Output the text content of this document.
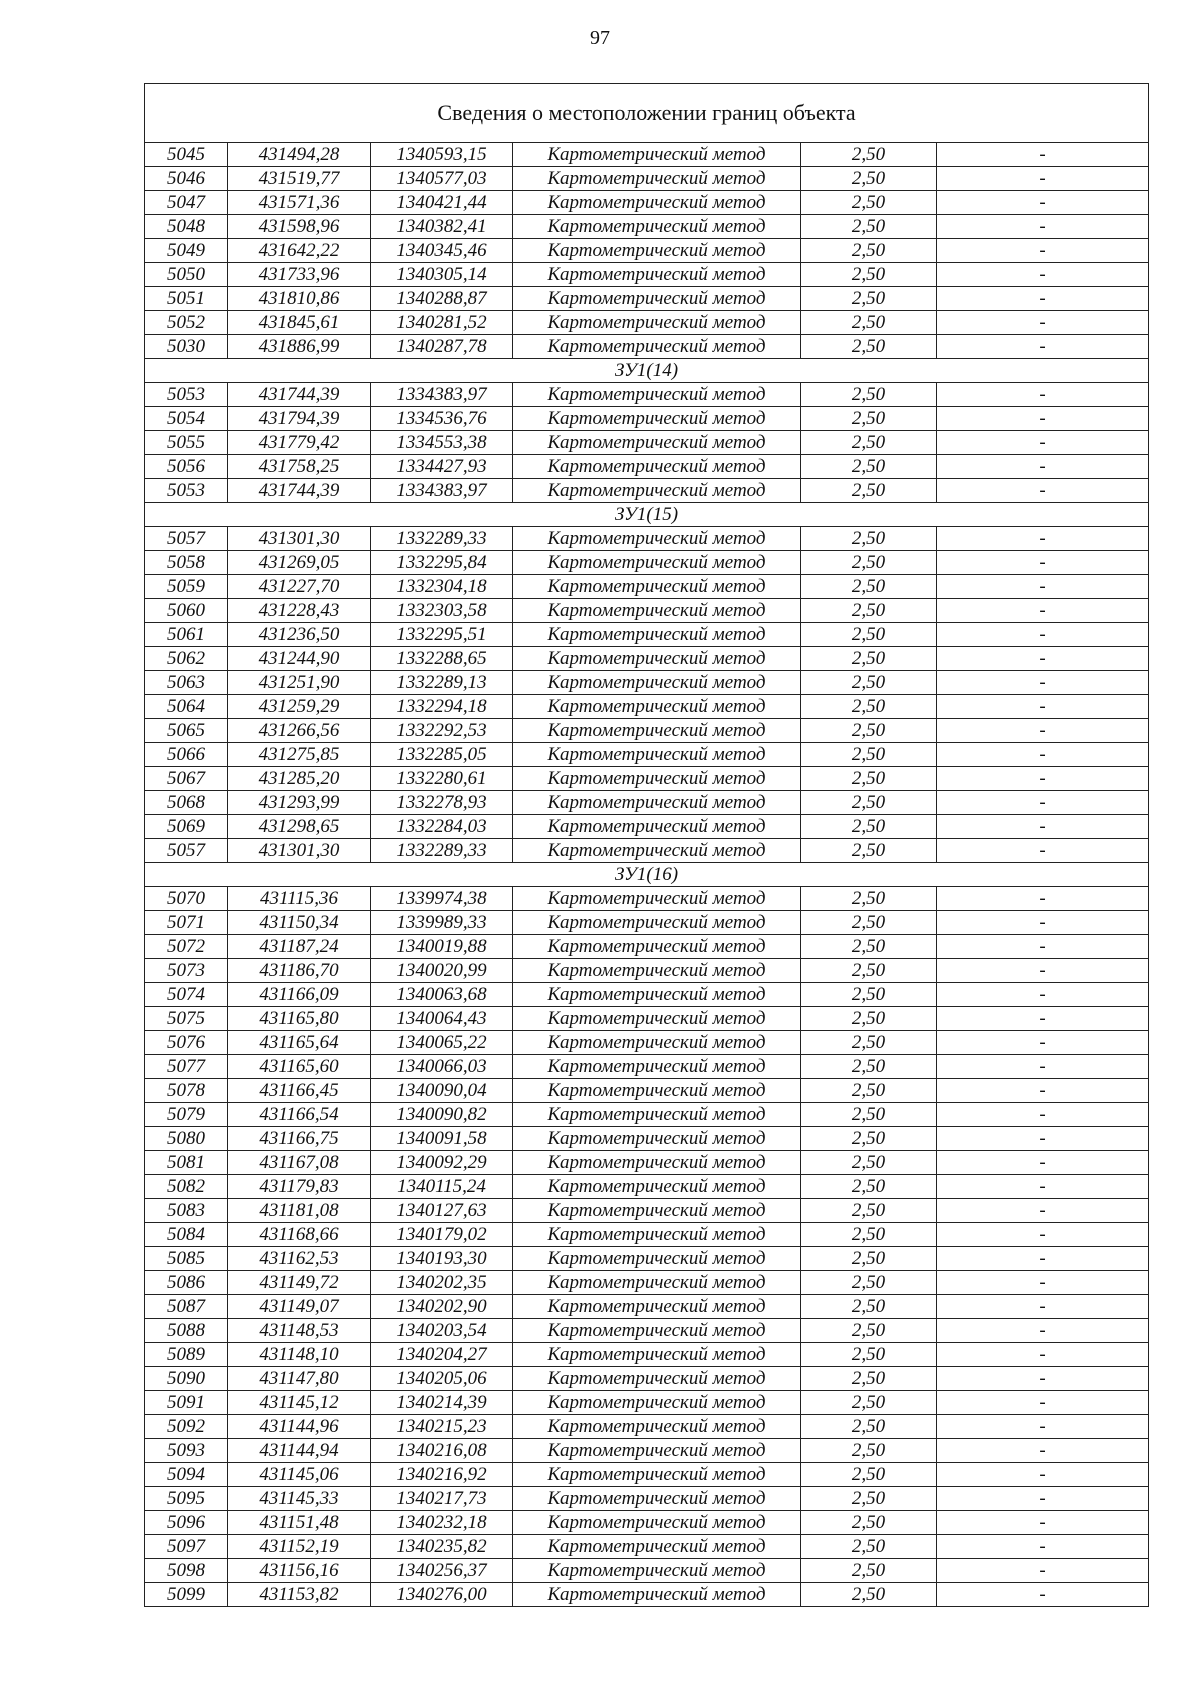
97
Сведения о местоположении границ объекта					
5045	431494,28	1340593,15	Картометрический метод	2,50	-
5046	431519,77	1340577,03	Картометрический метод	2,50	-
5047	431571,36	1340421,44	Картометрический метод	2,50	-
5048	431598,96	1340382,41	Картометрический метод	2,50	-
5049	431642,22	1340345,46	Картометрический метод	2,50	-
5050	431733,96	1340305,14	Картометрический метод	2,50	-
5051	431810,86	1340288,87	Картометрический метод	2,50	-
5052	431845,61	1340281,52	Картометрический метод	2,50	-
5030	431886,99	1340287,78	Картометрический метод	2,50	-
ЗУ1(14)					
5053	431744,39	1334383,97	Картометрический метод	2,50	-
5054	431794,39	1334536,76	Картометрический метод	2,50	-
5055	431779,42	1334553,38	Картометрический метод	2,50	-
5056	431758,25	1334427,93	Картометрический метод	2,50	-
5053	431744,39	1334383,97	Картометрический метод	2,50	-
ЗУ1(15)					
5057	431301,30	1332289,33	Картометрический метод	2,50	-
5058	431269,05	1332295,84	Картометрический метод	2,50	-
5059	431227,70	1332304,18	Картометрический метод	2,50	-
5060	431228,43	1332303,58	Картометрический метод	2,50	-
5061	431236,50	1332295,51	Картометрический метод	2,50	-
5062	431244,90	1332288,65	Картометрический метод	2,50	-
5063	431251,90	1332289,13	Картометрический метод	2,50	-
5064	431259,29	1332294,18	Картометрический метод	2,50	-
5065	431266,56	1332292,53	Картометрический метод	2,50	-
5066	431275,85	1332285,05	Картометрический метод	2,50	-
5067	431285,20	1332280,61	Картометрический метод	2,50	-
5068	431293,99	1332278,93	Картометрический метод	2,50	-
5069	431298,65	1332284,03	Картометрический метод	2,50	-
5057	431301,30	1332289,33	Картометрический метод	2,50	-
ЗУ1(16)					
5070	431115,36	1339974,38	Картометрический метод	2,50	-
5071	431150,34	1339989,33	Картометрический метод	2,50	-
5072	431187,24	1340019,88	Картометрический метод	2,50	-
5073	431186,70	1340020,99	Картометрический метод	2,50	-
5074	431166,09	1340063,68	Картометрический метод	2,50	-
5075	431165,80	1340064,43	Картометрический метод	2,50	-
5076	431165,64	1340065,22	Картометрический метод	2,50	-
5077	431165,60	1340066,03	Картометрический метод	2,50	-
5078	431166,45	1340090,04	Картометрический метод	2,50	-
5079	431166,54	1340090,82	Картометрический метод	2,50	-
5080	431166,75	1340091,58	Картометрический метод	2,50	-
5081	431167,08	1340092,29	Картометрический метод	2,50	-
5082	431179,83	1340115,24	Картометрический метод	2,50	-
5083	431181,08	1340127,63	Картометрический метод	2,50	-
5084	431168,66	1340179,02	Картометрический метод	2,50	-
5085	431162,53	1340193,30	Картометрический метод	2,50	-
5086	431149,72	1340202,35	Картометрический метод	2,50	-
5087	431149,07	1340202,90	Картометрический метод	2,50	-
5088	431148,53	1340203,54	Картометрический метод	2,50	-
5089	431148,10	1340204,27	Картометрический метод	2,50	-
5090	431147,80	1340205,06	Картометрический метод	2,50	-
5091	431145,12	1340214,39	Картометрический метод	2,50	-
5092	431144,96	1340215,23	Картометрический метод	2,50	-
5093	431144,94	1340216,08	Картометрический метод	2,50	-
5094	431145,06	1340216,92	Картометрический метод	2,50	-
5095	431145,33	1340217,73	Картометрический метод	2,50	-
5096	431151,48	1340232,18	Картометрический метод	2,50	-
5097	431152,19	1340235,82	Картометрический метод	2,50	-
5098	431156,16	1340256,37	Картометрический метод	2,50	-
5099	431153,82	1340276,00	Картометрический метод	2,50	-
